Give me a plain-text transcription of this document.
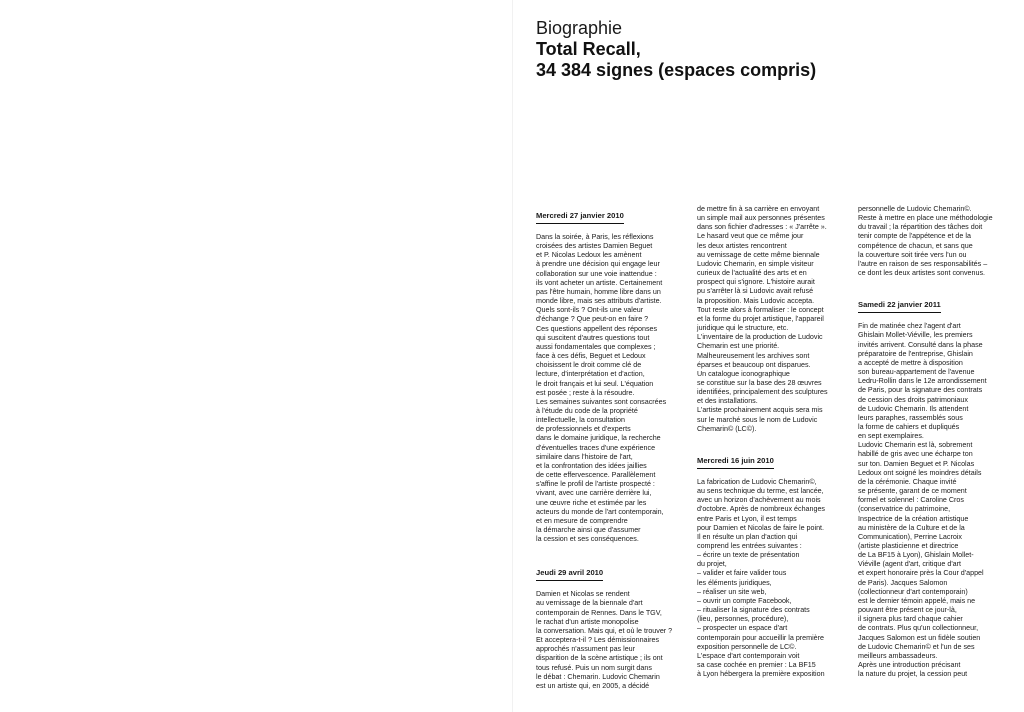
Biographie
Total Recall,
34 384 signes (espaces compris)
Mercredi 27 janvier 2010

Dans la soirée, à Paris, les réflexions
croisées des artistes Damien Beguet
et P. Nicolas Ledoux les amènent
à prendre une décision qui engage leur
collaboration sur une voie inattendue :
ils vont acheter un artiste. Certainement
pas l'être humain, homme libre dans un
monde libre, mais ses attributs d'artiste.
Quels sont-ils ? Ont-ils une valeur
d'échange ? Que peut-on en faire ?
Ces questions appellent des réponses
qui suscitent d'autres questions tout
aussi fondamentales que complexes ;
face à ces défis, Beguet et Ledoux
choisissent le droit comme clé de
lecture, d'interprétation et d'action,
le droit français et lui seul. L'équation
est posée ; reste à la résoudre.
Les semaines suivantes sont consacrées
à l'étude du code de la propriété
intellectuelle, la consultation
de professionnels et d'experts
dans le domaine juridique, la recherche
d'éventuelles traces d'une expérience
similaire dans l'histoire de l'art,
et la confrontation des idées jaillies
de cette effervescence. Parallèlement
s'affine le profil de l'artiste prospecté :
vivant, avec une carrière derrière lui,
une œuvre riche et estimée par les
acteurs du monde de l'art contemporain,
et en mesure de comprendre
la démarche ainsi que d'assumer
la cession et ses conséquences.

Jeudi 29 avril 2010

Damien et Nicolas se rendent
au vernissage de la biennale d'art
contemporain de Rennes. Dans le TGV,
le rachat d'un artiste monopolise
la conversation. Mais qui, et où le trouver ?
Et acceptera-t-il ? Les démissionnaires
approchés n'assument pas leur
disparition de la scène artistique ; ils ont
tous refusé. Puis un nom surgit dans
le débat : Chemarin. Ludovic Chemarin
est un artiste qui, en 2005, a décidé

de mettre fin à sa carrière en envoyant
un simple mail aux personnes présentes
dans son fichier d'adresses : « J'arrête ».
Le hasard veut que ce même jour
les deux artistes rencontrent
au vernissage de cette même biennale
Ludovic Chemarin, en simple visiteur
curieux de l'actualité des arts et en
prospect qui s'ignore. L'histoire aurait
pu s'arrêter là si Ludovic avait refusé
la proposition. Mais Ludovic accepta.
Tout reste alors à formaliser : le concept
et la forme du projet artistique, l'appareil
juridique qui le structure, etc.
L'inventaire de la production de Ludovic
Chemarin est une priorité.
Malheureusement les archives sont
éparses et beaucoup ont disparues.
Un catalogue iconographique
se constitue sur la base des 28 œuvres
identifiées, principalement des sculptures
et des installations.
L'artiste prochainement acquis sera mis
sur le marché sous le nom de Ludovic
Chemarin© (LC©).

Mercredi 16 juin 2010

La fabrication de Ludovic Chemarin©,
au sens technique du terme, est lancée,
avec un horizon d'achèvement au mois
d'octobre. Après de nombreux échanges
entre Paris et Lyon, il est temps
pour Damien et Nicolas de faire le point.
Il en résulte un plan d'action qui
comprend les entrées suivantes :
– écrire un texte de présentation
du projet,
– valider et faire valider tous
les éléments juridiques,
– réaliser un site web,
– ouvrir un compte Facebook,
– ritualiser la signature des contrats
(lieu, personnes, procédure),
– prospecter un espace d'art
contemporain pour accueillir la première
exposition personnelle de LC©.
L'espace d'art contemporain voit
sa case cochée en premier : La BF15
à Lyon hébergera la première exposition

personnelle de Ludovic Chemarin©.
Reste à mettre en place une méthodologie
du travail ; la répartition des tâches doit
tenir compte de l'appétence et de la
compétence de chacun, et sans que
la couverture soit tirée vers l'un ou
l'autre en raison de ses responsabilités –
ce dont les deux artistes sont convenus.

Samedi 22 janvier 2011

Fin de matinée chez l'agent d'art
Ghislain Mollet-Viéville, les premiers
invités arrivent. Consulté dans la phase
préparatoire de l'entreprise, Ghislain
a accepté de mettre à disposition
son bureau-appartement de l'avenue
Ledru-Rollin dans le 12e arrondissement
de Paris, pour la signature des contrats
de cession des droits patrimoniaux
de Ludovic Chemarin. Ils attendent
leurs paraphes, rassemblés sous
la forme de cahiers et dupliqués
en sept exemplaires.
Ludovic Chemarin est là, sobrement
habillé de gris avec une écharpe ton
sur ton. Damien Beguet et P. Nicolas
Ledoux ont soigné les moindres détails
de la cérémonie. Chaque invité
se présente, garant de ce moment
formel et solennel : Caroline Cros
(conservatrice du patrimoine,
Inspectrice de la création artistique
au ministère de la Culture et de la
Communication), Perrine Lacroix
(artiste plasticienne et directrice
de La BF15 à Lyon), Ghislain Mollet-
Viéville (agent d'art, critique d'art
et expert honoraire près la Cour d'appel
de Paris). Jacques Salomon
(collectionneur d'art contemporain)
est le dernier témoin appelé, mais ne
pouvant être présent ce jour-là,
il signera plus tard chaque cahier
de contrats. Plus qu'un collectionneur,
Jacques Salomon est un fidèle soutien
de Ludovic Chemarin© et l'un de ses
meilleurs ambassadeurs.
Après une introduction précisant
la nature du projet, la cession peut
